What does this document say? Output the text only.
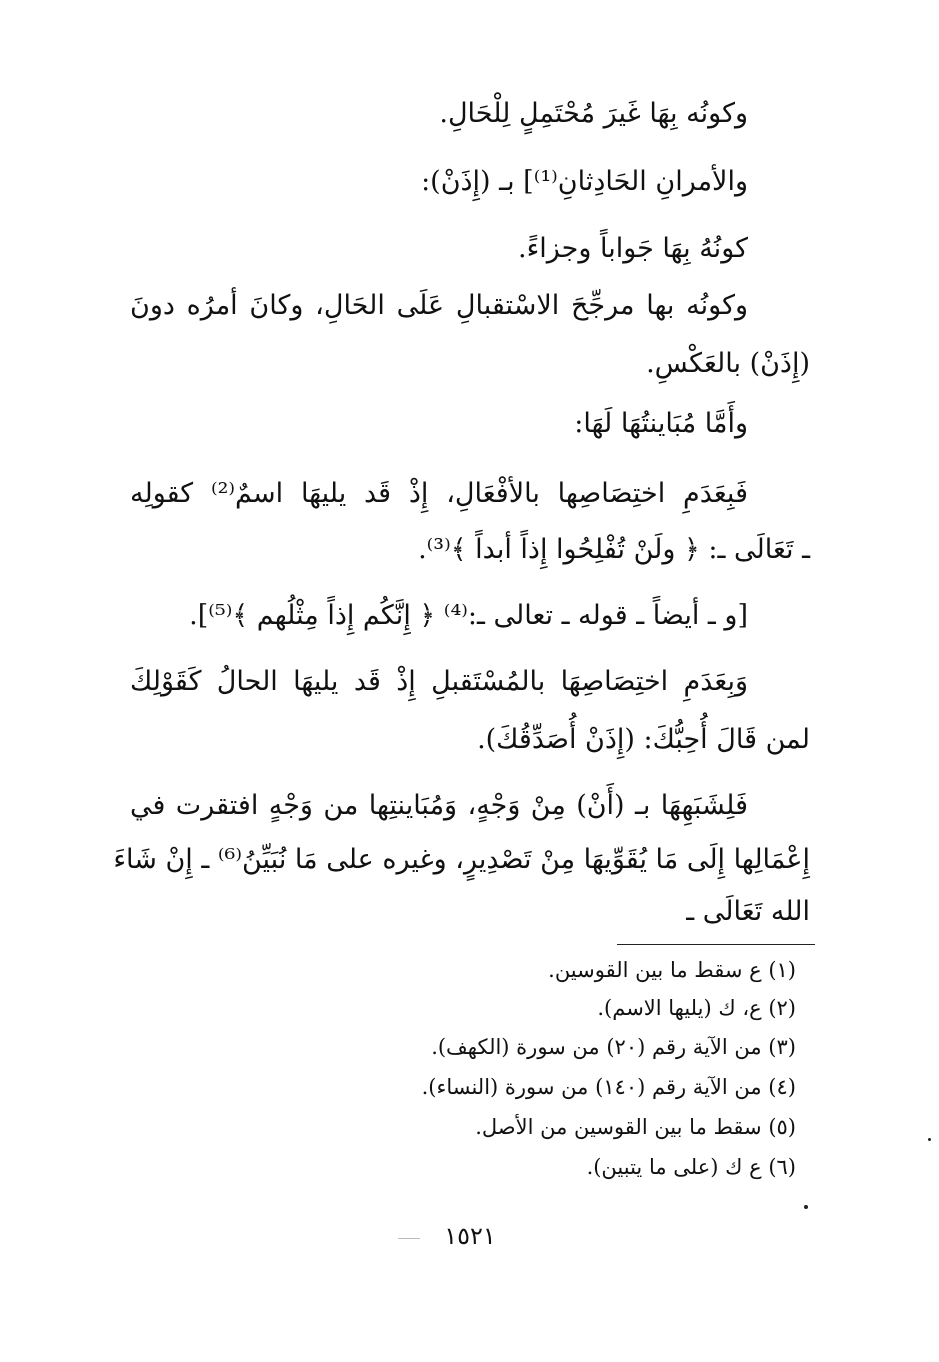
وكونُه بِهَا غَيرَ مُحْتَمِلٍ لِلْحَالِ.
والأمرانِ الحَادِثانِ⁽¹⁾] بـ (إِذَنْ):
كونُهُ بِهَا جَواباً وجزاءً.
وكونُه بها مرجِّحَ الاسْتقبالِ عَلَى الحَالِ، وكانَ أمرُه دونَ
(إِذَنْ) بالعَكْسِ.
وأَمَّا مُبَاينتُهَا لَهَا:
فَبِعَدَمِ اختِصَاصِها بالأفْعَالِ، إِذْ قَد يليهَا اسمٌ⁽²⁾ كقولِه
ـ تَعَالَى ـ: ﴿ ولَنْ تُفْلِحُوا إِذاً أبداً ﴾⁽³⁾.
[و ـ أيضاً ـ قوله ـ تعالى ـ:⁽⁴⁾ ﴿ إِنَّكُم إِذاً مِثْلُهم ﴾⁽⁵⁾].
وَبِعَدَمِ اختِصَاصِهَا بالمُسْتَقبلِ إِذْ قَد يليهَا الحالُ كَقَوْلِكَ
لمن قَالَ أُحِبُّكَ: (إِذَنْ أُصَدِّقُكَ).
فَلِشَبَهِهَا بـ (أَنْ) مِنْ وَجْهٍ، وَمُبَاينتِها من وَجْهٍ افتقرت في
إِعْمَالِها إِلَى مَا يُقَوِّيهَا مِنْ تَصْدِيرٍ، وغيره على مَا نُبَيِّنُ⁽⁶⁾ ـ إِنْ شَاءَ
الله تَعَالَى ـ
(١) ع سقط ما بين القوسين.
(٢) ع، ك (يليها الاسم).
(٣) من الآية رقم (٢٠) من سورة (الكهف).
(٤) من الآية رقم (١٤٠) من سورة (النساء).
(٥) سقط ما بين القوسين من الأصل.
(٦) ع ك (على ما يتبين).
١٥٢١
